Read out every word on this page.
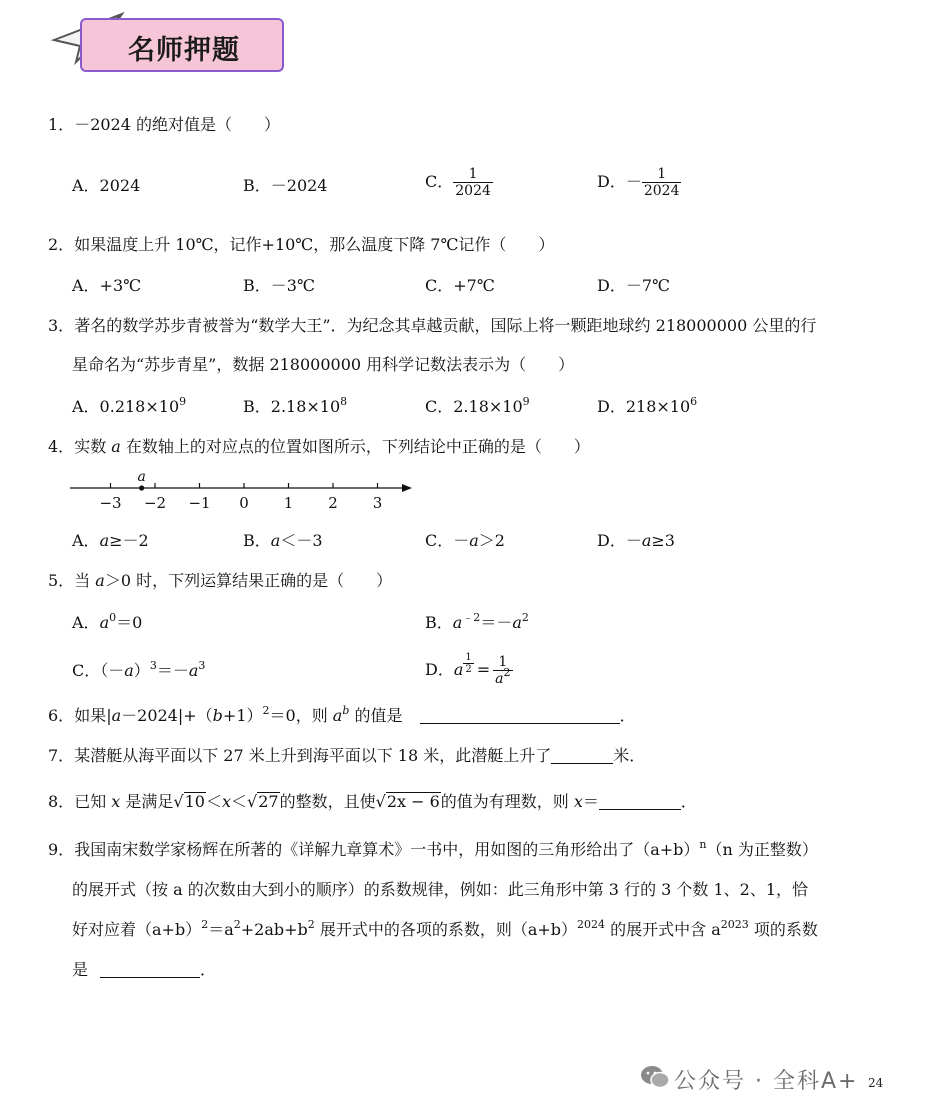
名师押题
1．－2024 的绝对值是（　　）
A．2024	B．－2024	C． $\frac{1}{2024}$	D．－ $\frac{1}{2024}$
2．如果温度上升 10℃，记作+10℃，那么温度下降 7℃记作（　　）
A．+3℃	B．－3℃	C．+7℃	D．－7℃
3．著名的数学苏步青被誉为“数学大王”．为纪念其卓越贡献，国际上将一颗距地球约 218000000 公里的行
星命名为“苏步青星”，数据 218000000 用科学记数法表示为（　　）
A．$0.218\times 10^9$	B．$2.18\times 10^8$	C．$2.18\times 10^9$	D．$218\times 10^6$
4．实数 a 在数轴上的对应点的位置如图所示，下列结论中正确的是（　　）
−3 −2 −1 0 1 2 3
a
A．a≥－2	B．a＜－3	C．－a＞2	D．－a≥3
5．当 a＞0 时，下列运算结果正确的是（　　）
A．$a^0=0$	B．$a^{﹣2}=-a^2$
C．$(-a)^3=-a^3$	D． a $\frac{1}{2} = \frac{1}{a^2}$
6．如果$|a-2024|+(b+1)^2=0$，则 $a^b$ 的值是	．
7．某潜艇从海平面以下 27 米上升到海平面以下 18 米，此潜艇上升了	米．
8．已知 x 是满足√10＜x＜√27的整数，且使√2x − 6的值为有理数，则 x＝	．
9．我国南宋数学家杨辉在所著的《详解九章算术》一书中，用如图的三角形给出了$(a+b)^n(n$ 为正整数）
的展开式（按 a 的次数由大到小的顺序）的系数规律，例如：此三角形中第 3 行的 3 个数 1、2、1，恰
好对应着$(a+b)^2=a^2+2ab+b^2$ 展开式中的各项的系数，则$(a+b)^{2024}$ 的展开式中含 $a^{2023}$ 项的系数
是	．
公众号 · 全科A+ 24
